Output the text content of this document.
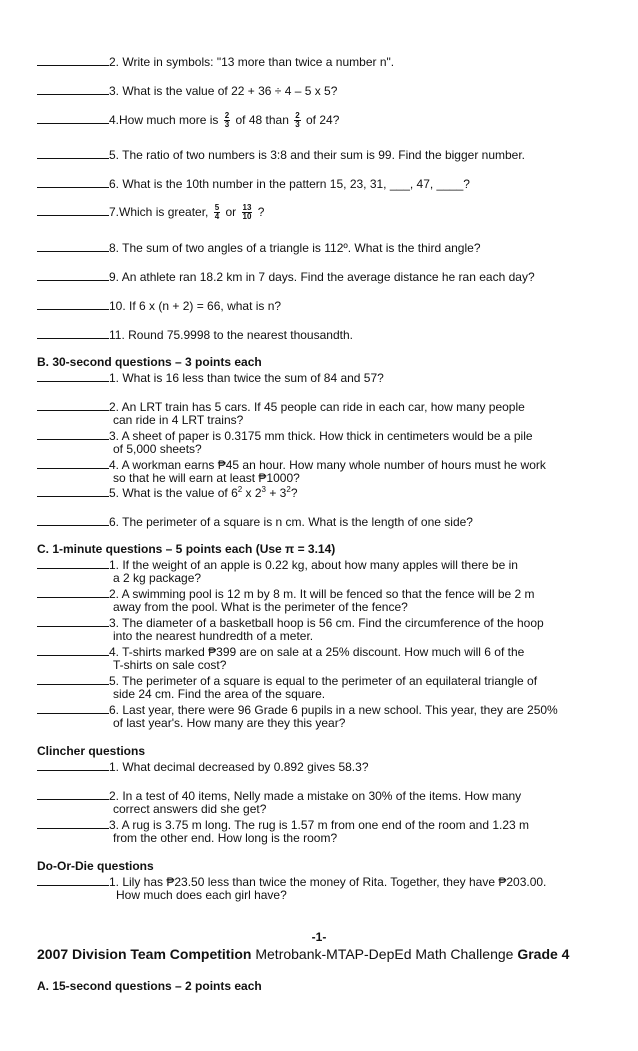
2. Write in symbols: "13 more than twice a number n".
3. What is the value of 22 + 36 ÷ 4 – 5 x 5?
4.How much more is $\frac{2}{3}$ of 48 than $\frac{2}{3}$ of 24?
5. The ratio of two numbers is 3:8 and their sum is 99. Find the bigger number.
6. What is the 10th number in the pattern 15, 23, 31, ___, 47, ____?
7.Which is greater, $\frac{5}{4}$ or $\frac{13}{10}$ ?
8. The sum of two angles of a triangle is 112º. What is the third angle?
9. An athlete ran 18.2 km in 7 days. Find the average distance he ran each day?
10. If 6 x (n + 2) = 66, what is n?
11. Round 75.9998 to the nearest thousandth.
B. 30-second questions – 3 points each
1. What is 16 less than twice the sum of 84 and 57?
2. An LRT train has 5 cars. If 45 people can ride in each car, how many people
can ride in 4 LRT trains?
3. A sheet of paper is 0.3175 mm thick. How thick in centimeters would be a pile
of 5,000 sheets?
4. A workman earns ₱45 an hour. How many whole number of hours must he work
so that he will earn at least ₱1000?
5. What is the value of $6^2$ x $2^3 + 3^2$?
6. The perimeter of a square is n cm. What is the length of one side?
C. 1-minute questions – 5 points each (Use π = 3.14)
1. If the weight of an apple is 0.22 kg, about how many apples will there be in
a 2 kg package?
2. A swimming pool is 12 m by 8 m. It will be fenced so that the fence will be 2 m
away from the pool. What is the perimeter of the fence?
3. The diameter of a basketball hoop is 56 cm. Find the circumference of the hoop
into the nearest hundredth of a meter.
4. T-shirts marked ₱399 are on sale at a 25% discount. How much will 6 of the
T-shirts on sale cost?
5. The perimeter of a square is equal to the perimeter of an equilateral triangle of
side 24 cm. Find the area of the square.
6. Last year, there were 96 Grade 6 pupils in a new school. This year, they are 250%
of last year's. How many are they this year?
Clincher questions
1. What decimal decreased by 0.892 gives 58.3?
2. In a test of 40 items, Nelly made a mistake on 30% of the items. How many
correct answers did she get?
3. A rug is 3.75 m long. The rug is 1.57 m from one end of the room and 1.23 m
from the other end. How long is the room?
Do-Or-Die questions
1. Lily has ₱23.50 less than twice the money of Rita. Together, they have ₱203.00.
How much does each girl have?
-1-
2007 Division Team Competition Metrobank-MTAP-DepEd Math Challenge Grade 4
A. 15-second questions – 2 points each
